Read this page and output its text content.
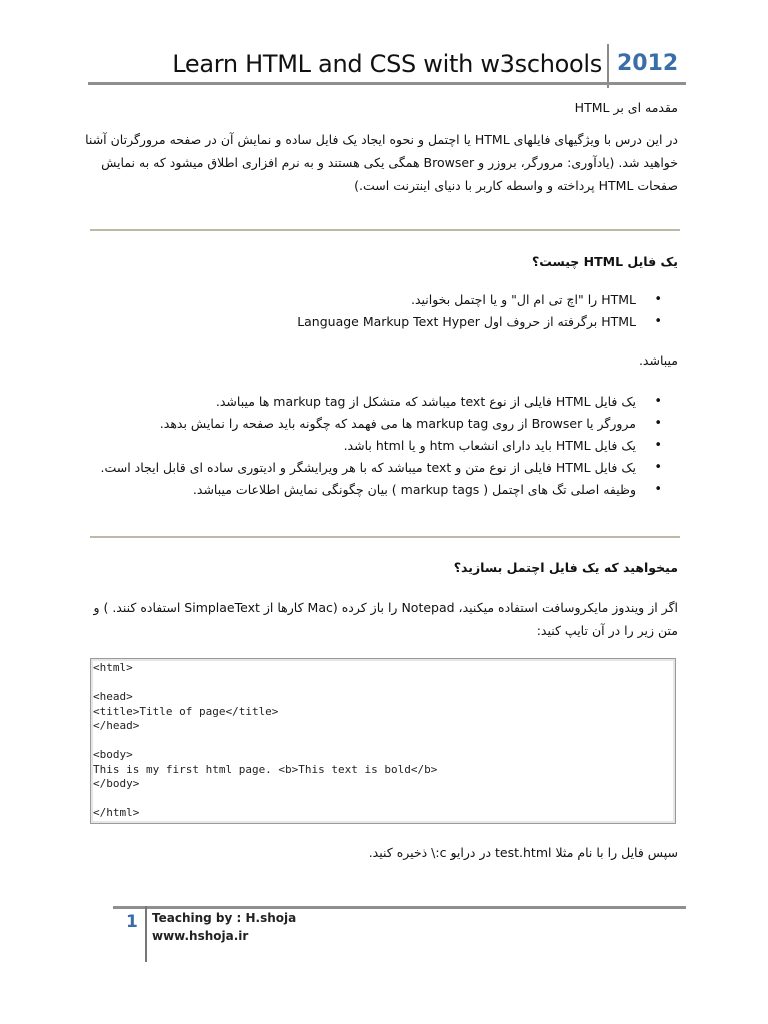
Learn HTML and CSS with w3schools 2012
مقدمه ای بر HTML
در این درس با ویژگیهای فایلهای HTML یا اچتمل و نحوه ایجاد یک فایل ساده و نمایش آن در صفحه مرورگرتان آشنا خواهید شد. (یادآوری: مرورگر، بروزر و Browser همگی یکی هستند و به نرم افزاری اطلاق میشود که به نمایش صفحات HTML پرداخته و واسطه کاربر با دنیای اینترنت است.)
یک فایل HTML چیست؟
• HTML را "اچ تی ام ال" و یا اچتمل بخوانید.
• HTML برگرفته از حروف اول Language Markup Text Hyper
میباشد.
• یک فایل HTML فایلی از نوع text میباشد که متشکل از markup tag ها میباشد.
• مرورگر یا Browser از روی markup tag ها می فهمد که چگونه باید صفحه را نمایش بدهد.
• یک فایل HTML باید دارای انشعاب htm و یا html باشد.
• یک فایل HTML فایلی از نوع متن و text میباشد که با هر ویرایشگر و ادیتوری ساده ای قابل ایجاد است.
• وظیفه اصلی تگ های اچتمل ( markup tags ) بیان چگونگی نمایش اطلاعات میباشد.
میخواهید که یک فایل اچتمل بسازید؟
اگر از ویندوز مایکروسافت استفاده میکنید، Notepad را باز کرده (Mac کارها از SimplaeText استفاده کنند. ) و متن زیر را در آن تایپ کنید:
<html>

<head>
<title>Title of page</title>
</head>

<body>
This is my first html page. <b>This text is bold</b>
</body>

</html>
سپس فایل را با نام مثلا test.html در درایو c:\ ذخیره کنید.
1 Teaching by : H.shoja
www.hshoja.ir
